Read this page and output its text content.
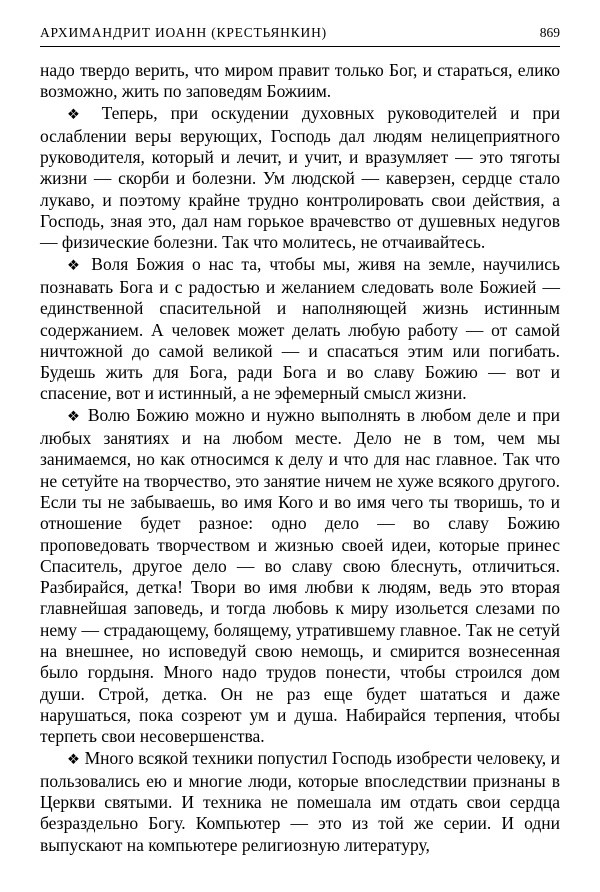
АРХИМАНДРИТ ИОАНН (КРЕСТЬЯНКИН)	869

надо твердо верить, что миром правит только Бог, и стараться, елико возможно, жить по заповедям Божиим.

❖ Теперь, при оскудении духовных руководителей и при ослаблении веры верующих, Господь дал людям нелицеприятного руководителя, который и лечит, и учит, и вразумляет — это тяготы жизни — скорби и болезни. Ум людской — каверзен, сердце стало лукаво, и поэтому крайне трудно контролировать свои действия, а Господь, зная это, дал нам горькое врачевство от душевных недугов — физические болезни. Так что молитесь, не отчаивайтесь.

❖ Воля Божия о нас та, чтобы мы, живя на земле, научились познавать Бога и с радостью и желанием следовать воле Божией — единственной спасительной и наполняющей жизнь истинным содержанием. А человек может делать любую работу — от самой ничтожной до самой великой — и спасаться этим или погибать. Будешь жить для Бога, ради Бога и во славу Божию — вот и спасение, вот и истинный, а не эфемерный смысл жизни.

❖ Волю Божию можно и нужно выполнять в любом деле и при любых занятиях и на любом месте. Дело не в том, чем мы занимаемся, но как относимся к делу и что для нас главное. Так что не сетуйте на творчество, это занятие ничем не хуже всякого другого. Если ты не забываешь, во имя Кого и во имя чего ты творишь, то и отношение будет разное: одно дело — во славу Божию проповедовать творчеством и жизнью своей идеи, которые принес Спаситель, другое дело — во славу свою блеснуть, отличиться. Разбирайся, детка! Твори во имя любви к людям, ведь это вторая главнейшая заповедь, и тогда любовь к миру изольется слезами по нему — страдающему, болящему, утратившему главное. Так не сетуй на внешнее, но исповедуй свою немощь, и смирится вознесенная было гордыня. Много надо трудов понести, чтобы строился дом души. Строй, детка. Он не раз еще будет шататься и даже нарушаться, пока созреют ум и душа. Набирайся терпения, чтобы терпеть свои несовершенства.

❖ Много всякой техники попустил Господь изобрести человеку, и пользовались ею и многие люди, которые впоследствии признаны в Церкви святыми. И техника не помешала им отдать свои сердца безраздельно Богу. Компьютер — это из той же серии. И одни выпускают на компьютере религиозную литературу,
